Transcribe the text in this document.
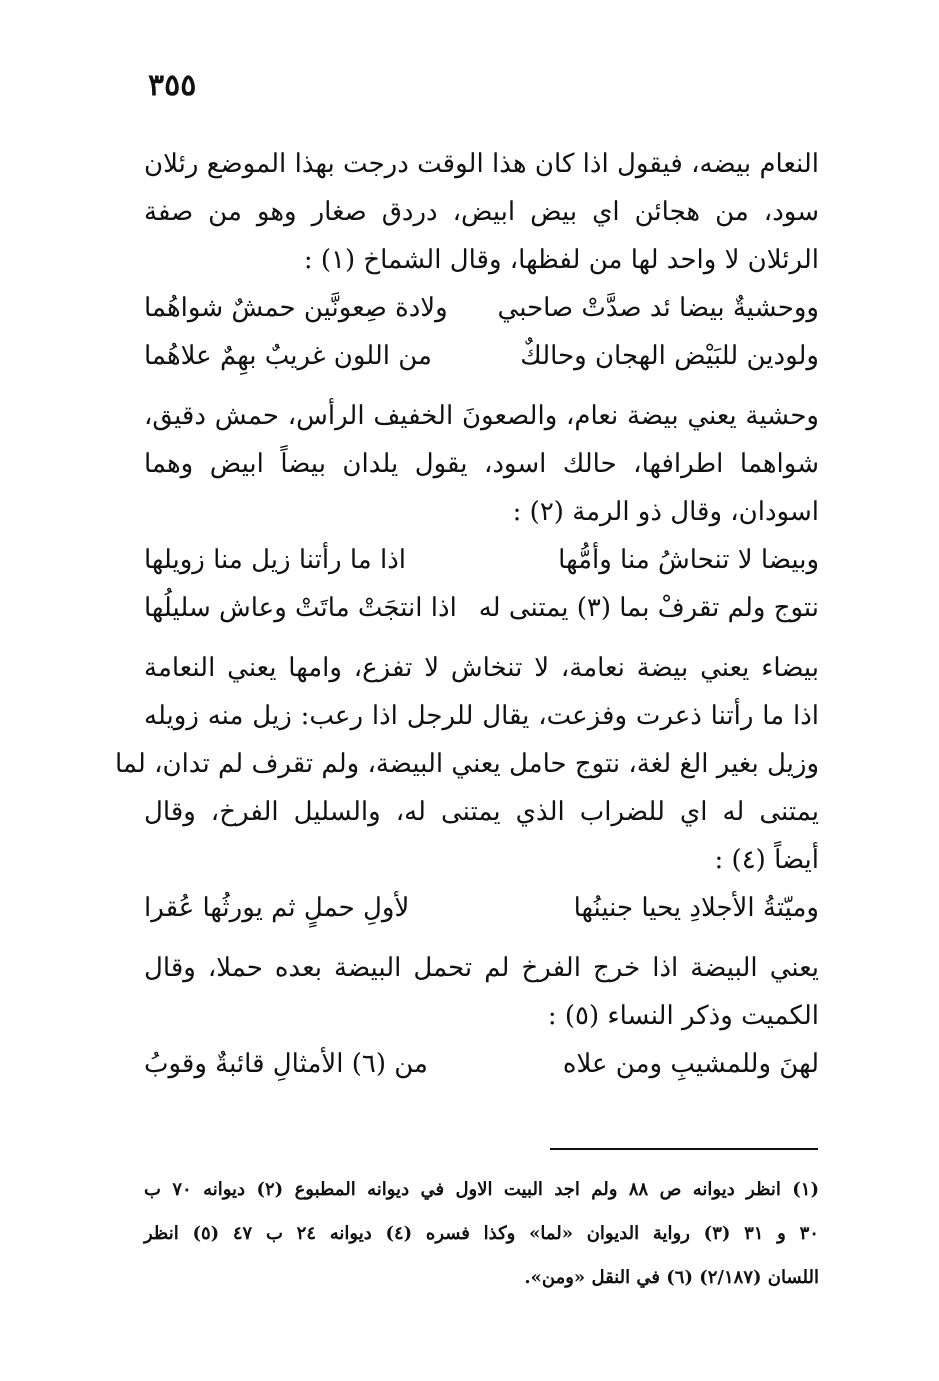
٣٥٥
النعام بيضه، فيقول اذا كان هذا الوقت درجت بهذا الموضع رئلان
سود، من هجائن اي بيض ابيض، دردق صغار وهو من صفة
الرئلان لا واحد لها من لفظها، وقال الشماخ (١) :
ووحشيةٌ بيضا ئد صدَّتْ صاحبي
ولادة صِعونَّين حمشٌ شواهُما
ولودين للبَيْض الهجان وحالكٌ
من اللون غريبٌ بهِمٌ علاهُما
وحشية يعني بيضة نعام، والصعونَ الخفيف الرأس، حمش دقيق،
شواهما اطرافها، حالك اسود، يقول يلدان بيضاً ابيض وهما
اسودان، وقال ذو الرمة (٢) :
وبيضا لا تنحاشُ منا وأمُّها
اذا ما رأتنا زيل منا زويلها
نتوج ولم تقرفْ بما (٣) يمتنى له
اذا انتجَتْ ماتَتْ وعاش سليلُها
بيضاء يعني بيضة نعامة، لا تنخاش لا تفزع، وامها يعني النعامة
اذا ما رأتنا ذعرت وفزعت، يقال للرجل اذا رعب: زيل منه زويله
وزيل بغير الغ لغة، نتوج حامل يعني البيضة، ولم تقرف لم تدان، لما
يمتنى له اي للضراب الذي يمتنى له، والسليل الفرخ، وقال
أيضاً (٤) :
وميّتةُ الأجلادِ يحيا جنينُها
لأولِ حملٍ ثم يورثُها عُقرا
يعني البيضة اذا خرج الفرخ لم تحمل البيضة بعده حملا، وقال
الكميت وذكر النساء (٥) :
لهنَ وللمشيبِ ومن علاه
من (٦) الأمثالِ قائبةٌ وقوبُ
(١) انظر ديوانه ص ٨٨ ولم اجد البيت الاول في ديوانه المطبوع (٢) ديوانه ٧٠ ب
٣٠ و ٣١ (٣) رواية الديوان «لما» وكذا فسره (٤) ديوانه ٢٤ ب ٤٧ (٥) انظر
اللسان (٢/١٨٧) (٦) في النقل «ومن».
